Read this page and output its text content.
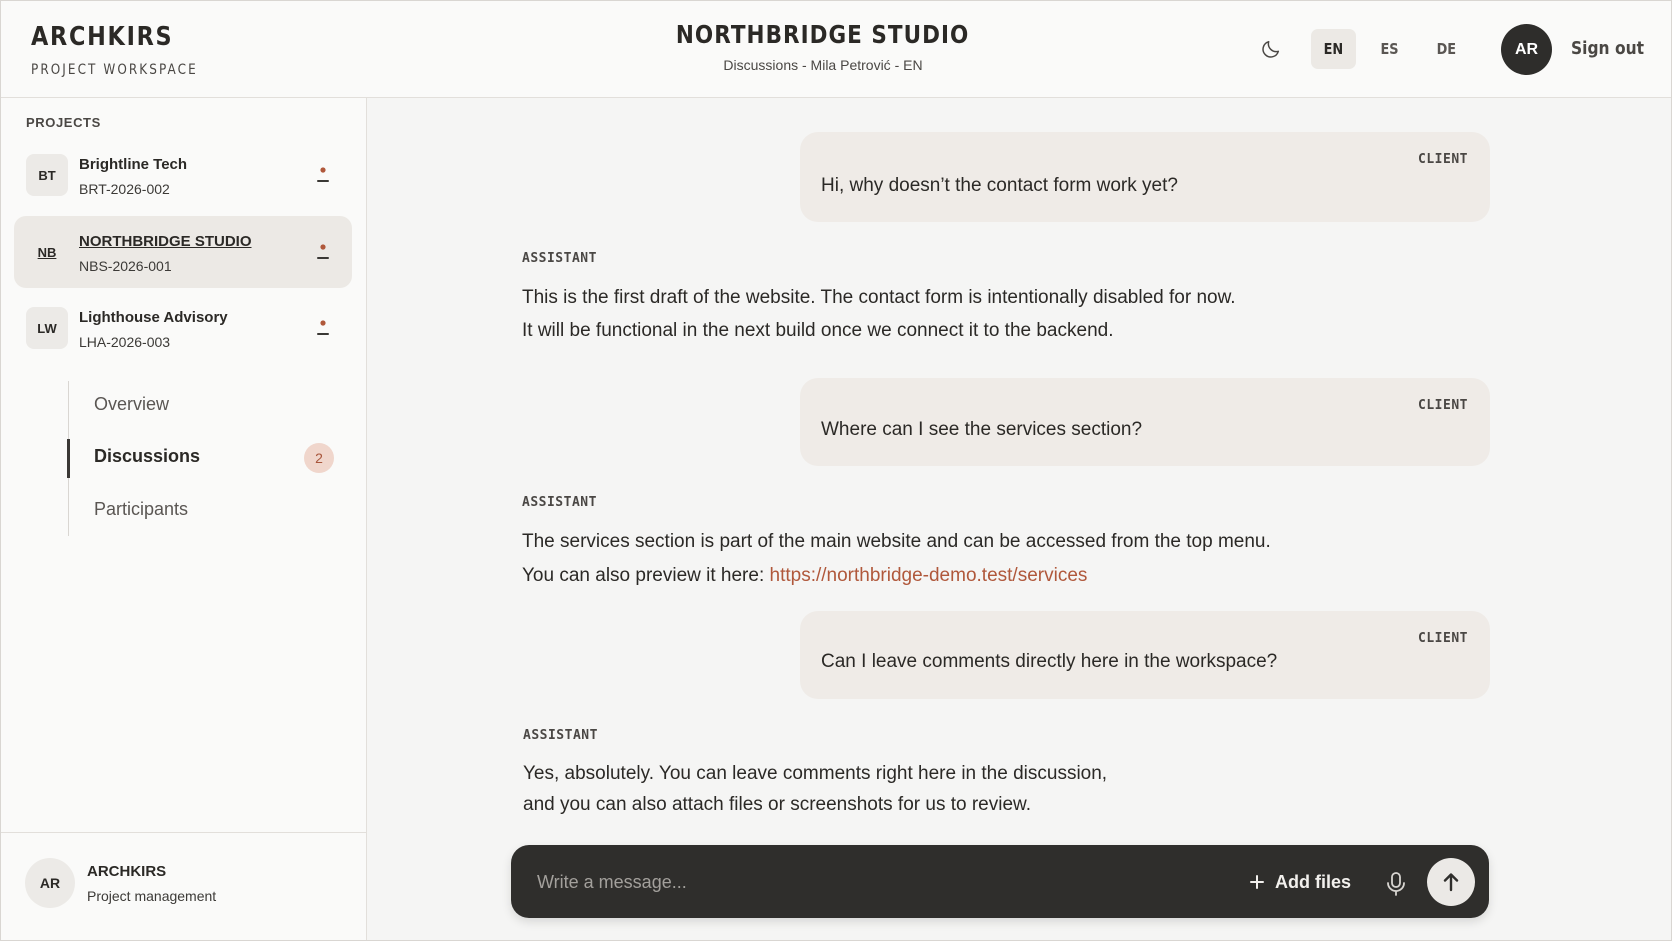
ARCHKIRS
PROJECT WORKSPACE
NORTHBRIDGE STUDIO
Discussions - Mila Petrović - EN
EN ES	DE	AR	Sign out
PROJECTS
BT
Brightline Tech
BRT-2026-002
NB
NORTHBRIDGE STUDIO
NBS-2026-001
LW
Lighthouse Advisory
LHA-2026-003
Overview
Discussions	2
Participants
AR
ARCHKIRS
Project management
CLIENT
Hi, why doesn’t the contact form work yet?
ASSISTANT
This is the first draft of the website. The contact form is intentionally disabled for now.
It will be functional in the next build once we connect it to the backend.
CLIENT
Where can I see the services section?
ASSISTANT
The services section is part of the main website and can be accessed from the top menu.
You can also preview it here: https://northbridge-demo.test/services
CLIENT
Can I leave comments directly here in the workspace?
ASSISTANT
Yes, absolutely. You can leave comments right here in the discussion,
and you can also attach files or screenshots for us to review.
Write a message...
Add files
